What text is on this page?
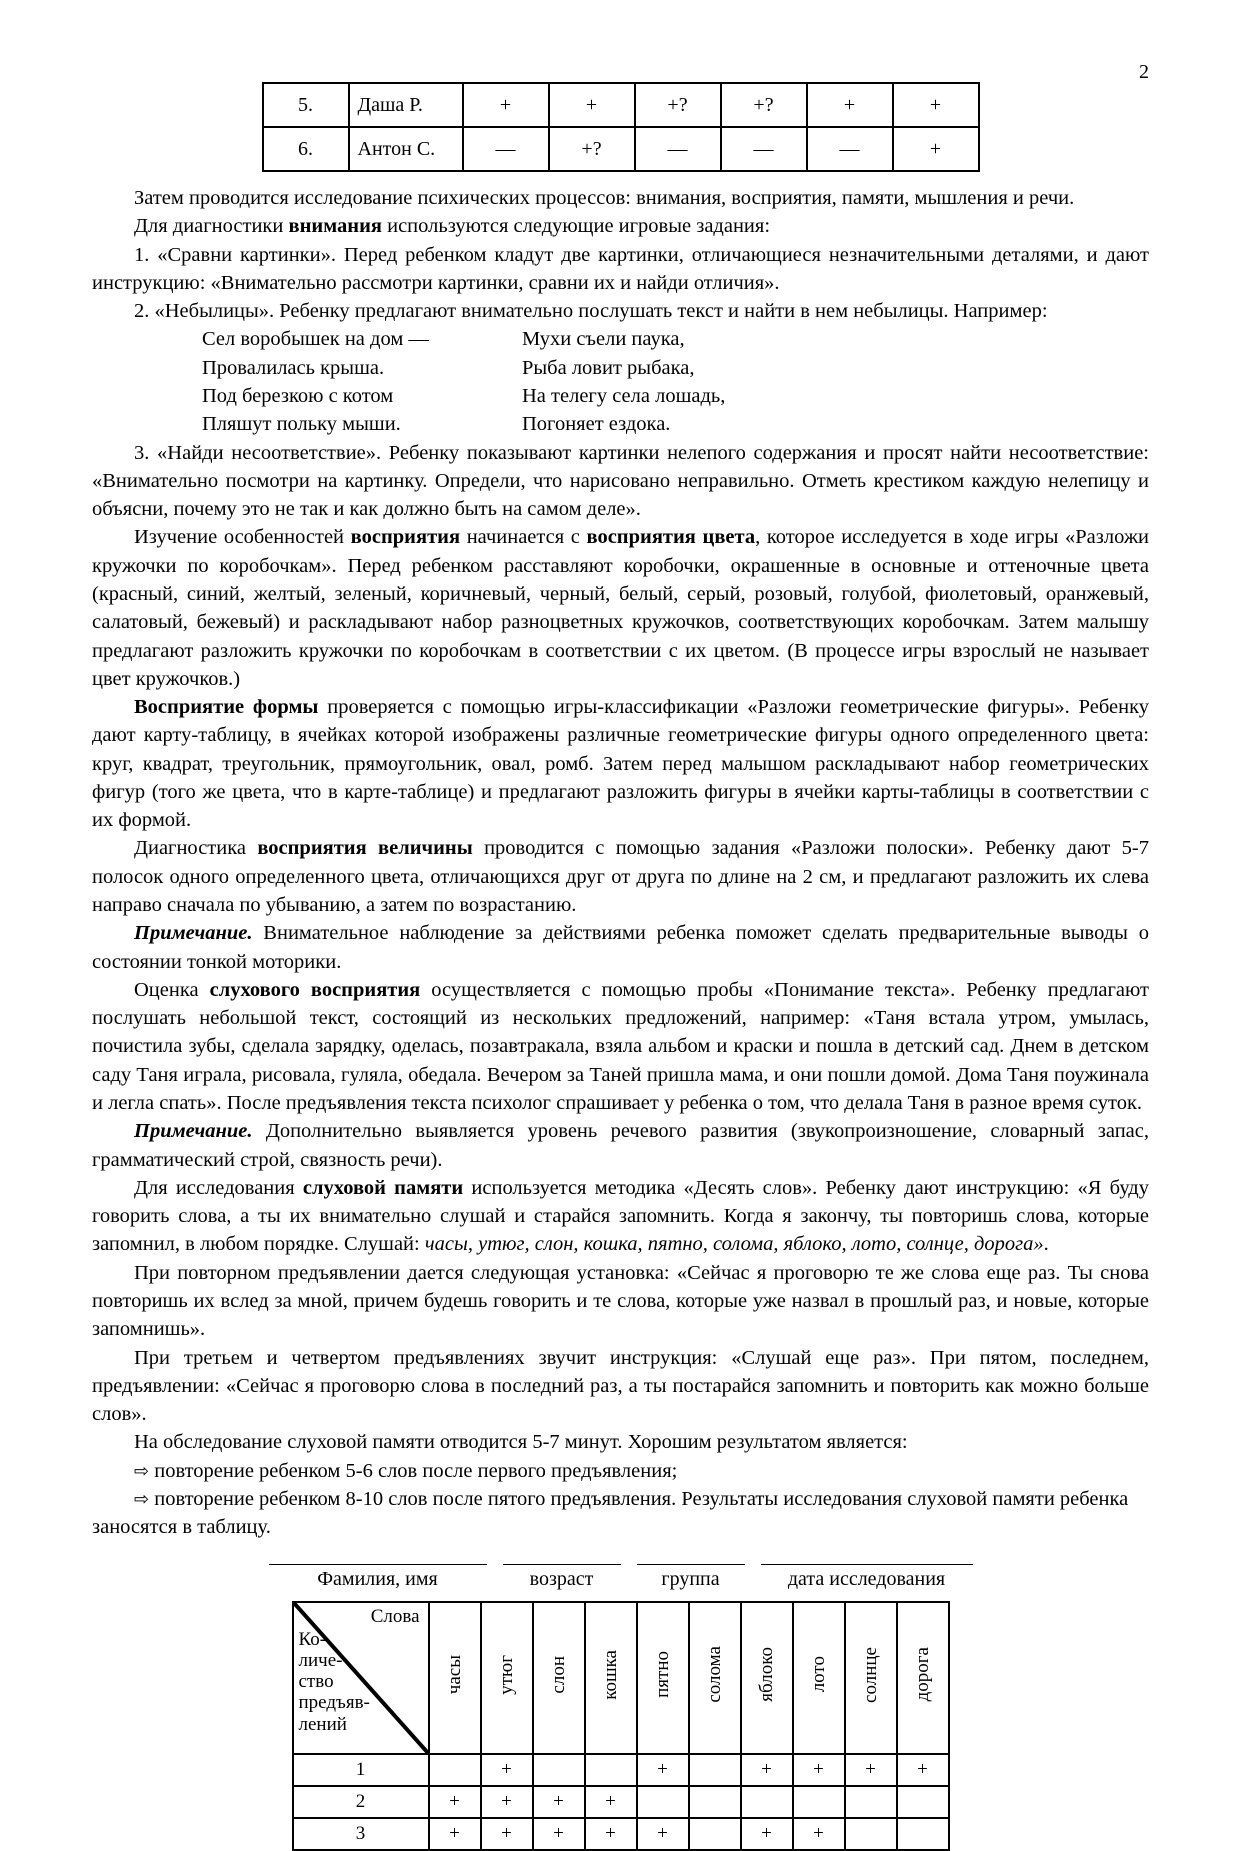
2
5.	Даша Р.	+	+	+?	+?	+	+
6.	Антон С.	—	+?	—	—	—	+

Затем проводится исследование психических процессов: внимания, восприятия, памяти, мышления и речи.

Для диагностики внимания используются следующие игровые задания:

1. «Сравни картинки». Перед ребенком кладут две картинки, отличающиеся незначительными деталями, и дают инструкцию: «Внимательно рассмотри картинки, сравни их и найди отличия».

2. «Небылицы». Ребенку предлагают внимательно послушать текст и найти в нем небылицы. Например:

Сел воробышек на дом —	Мухи съели паука,
Провалилась крыша.	Рыба ловит рыбака,
Под березкою с котом	На телегу села лошадь,
Пляшут польку мыши.	Погоняет ездока.

3. «Найди несоответствие». Ребенку показывают картинки нелепого содержания и просят найти несоответствие: «Внимательно посмотри на картинку. Определи, что нарисовано неправильно. Отметь крестиком каждую нелепицу и объясни, почему это не так и как должно быть на самом деле».

Изучение особенностей восприятия начинается с восприятия цвета, которое исследуется в ходе игры «Разложи кружочки по коробочкам». Перед ребенком расставляют коробочки, окрашенные в основные и оттеночные цвета (красный, синий, желтый, зеленый, коричневый, черный, белый, серый, розовый, голубой, фиолетовый, оранжевый, салатовый, бежевый) и раскладывают набор разноцветных кружочков, соответствующих коробочкам. Затем малышу предлагают разложить кружочки по коробочкам в соответствии с их цветом. (В процессе игры взрослый не называет цвет кружочков.)

Восприятие формы проверяется с помощью игры-классификации «Разложи геометрические фигуры». Ребенку дают карту-таблицу, в ячейках которой изображены различные геометрические фигуры одного определенного цвета: круг, квадрат, треугольник, прямоугольник, овал, ромб. Затем перед малышом раскладывают набор геометрических фигур (того же цвета, что в карте-таблице) и предлагают разложить фигуры в ячейки карты-таблицы в соответствии с их формой.

Диагностика восприятия величины проводится с помощью задания «Разложи полоски». Ребенку дают 5-7 полосок одного определенного цвета, отличающихся друг от друга по длине на 2 см, и предлагают разложить их слева направо сначала по убыванию, а затем по возрастанию.

Примечание. Внимательное наблюдение за действиями ребенка поможет сделать предварительные выводы о состоянии тонкой моторики.

Оценка слухового восприятия осуществляется с помощью пробы «Понимание текста». Ребенку предлагают послушать небольшой текст, состоящий из нескольких предложений, например: «Таня встала утром, умылась, почистила зубы, сделала зарядку, оделась, позавтракала, взяла альбом и краски и пошла в детский сад. Днем в детском саду Таня играла, рисовала, гуляла, обедала. Вечером за Таней пришла мама, и они пошли домой. Дома Таня поужинала и легла спать». После предъявления текста психолог спрашивает у ребенка о том, что делала Таня в разное время суток.

Примечание. Дополнительно выявляется уровень речевого развития (звукопроизношение, словарный запас, грамматический строй, связность речи).

Для исследования слуховой памяти используется методика «Десять слов». Ребенку дают инструкцию: «Я буду говорить слова, а ты их внимательно слушай и старайся запомнить. Когда я закончу, ты повторишь слова, которые запомнил, в любом порядке. Слушай: часы, утюг, слон, кошка, пятно, солома, яблоко, лото, солнце, дорога».

При повторном предъявлении дается следующая установка: «Сейчас я проговорю те же слова еще раз. Ты снова повторишь их вслед за мной, причем будешь говорить и те слова, которые уже назвал в прошлый раз, и новые, которые запомнишь».

При третьем и четвертом предъявлениях звучит инструкция: «Слушай еще раз». При пятом, последнем, предъявлении: «Сейчас я проговорю слова в последний раз, а ты постарайся запомнить и повторить как можно больше слов».

На обследование слуховой памяти отводится 5-7 минут. Хорошим результатом является:

⇨ повторение ребенком 5-6 слов после первого предъявления;

⇨ повторение ребенком 8-10 слов после пятого предъявления. Результаты исследования слуховой памяти ребенка заносятся в таблицу.

Фамилия, имя	возраст	группа	дата исследования
Слова
Ко-
личе-
ство
предъяв-
лений
	часы	утюг	слон	кошка	пятно	солома	яблоко	лото	солнце	дорога
1		+			+		+	+	+	+
2	+	+	+	+						
3	+	+	+	+	+		+	+		
